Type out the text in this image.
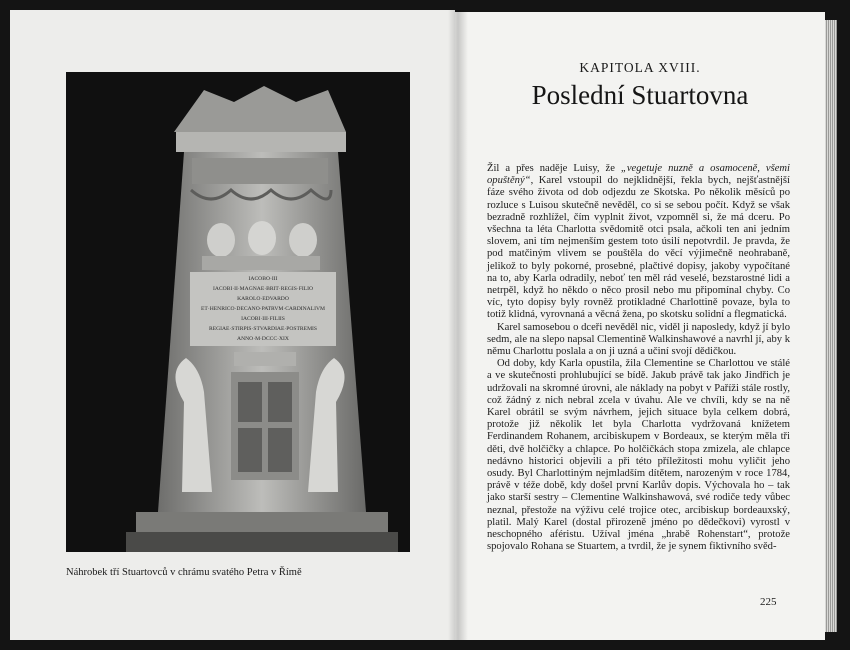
IACOBO·III
IACOBI·II·MAGNAE·BRIT·REGIS·FILIO
KAROLO·EDVARDO
ET·HENRICO·DECANO·PATRVM·CARDINALIVM
IACOBI·III·FILIIS
REGIAE·STIRPIS·STVARDIAE·POSTREMIS
ANNO·M·DCCC·XIX
Náhrobek tří Stuartovců v chrámu svatého Petra v Římě
KAPITOLA XVIII.
Poslední Stuartovna

Žil a přes naděje Luisy, že „vegetuje nuzně a osamoceně, všemi opuštěný“, Karel vstoupil do nejklidnější, řekla bych, nejšťastnější fáze svého života od dob odjezdu ze Skotska. Po několik měsíců po rozluce s Luisou skutečně nevěděl, co si se sebou počít. Když se však bezradně rozhlížel, čím vyplnit život, vzpomněl si, že má dceru. Po všechna ta léta Charlotta svědomitě otci psala, ačkoli ten ani jedním slovem, ani tím nejmenším gestem toto úsilí nepotvrdil. Je pravda, že pod matčiným vlivem se pouštěla do věcí výjimečně neohrabaně, jelikož to byly pokorné, prosebné, plačtivé dopisy, jakoby vypočítané na to, aby Karla odradily, neboť ten měl rád veselé, bezstarostné lidi a netrpěl, když ho někdo o něco prosil nebo mu připomínal chyby. Co víc, tyto dopisy byly rovněž protikladné Charlottině povaze, byla to totiž klidná, vyrovnaná a věcná žena, po skotsku solidní a flegmatická.

Karel samosebou o dceři nevěděl nic, viděl ji naposledy, když jí bylo sedm, ale na slepo napsal Clementině Walkinshawové a navrhl jí, aby k němu Charlottu poslala a on ji uzná a učiní svojí dědičkou.

Od doby, kdy Karla opustila, žila Clementine se Charlottou ve stálé a ve skutečnosti prohlubující se bídě. Jakub právě tak jako Jindřich je udržovali na skromné úrovni, ale náklady na pobyt v Paříži stále rostly, což žádný z nich nebral zcela v úvahu. Ale ve chvíli, kdy se na ně Karel obrátil se svým návrhem, jejich situace byla celkem dobrá, protože již několik let byla Charlotta vydržovaná knížetem Ferdinandem Rohanem, arcibiskupem v Bordeaux, se kterým měla tři děti, dvě holčičky a chlapce. Po holčičkách stopa zmizela, ale chlapce nedávno historici objevili a při této příležitosti mohu vyličit jeho osudy. Byl Charlottiným nejmladším dítětem, narozeným v roce 1784, právě v téže době, kdy došel první Karlův dopis. Výchovala ho – tak jako starší sestry – Clementine Walkinshawová, své rodiče tedy vůbec neznal, přestože na výživu celé trojice otec, arcibiskup bordeauxský, platil. Malý Karel (dostal přirozeně jméno po dědečkovi) vyrostl v neschopného aféristu. Užíval jména „hrabě Rohenstart“, protože spojovalo Rohana se Stuartem, a tvrdil, že je synem fiktivního svěd-

225
